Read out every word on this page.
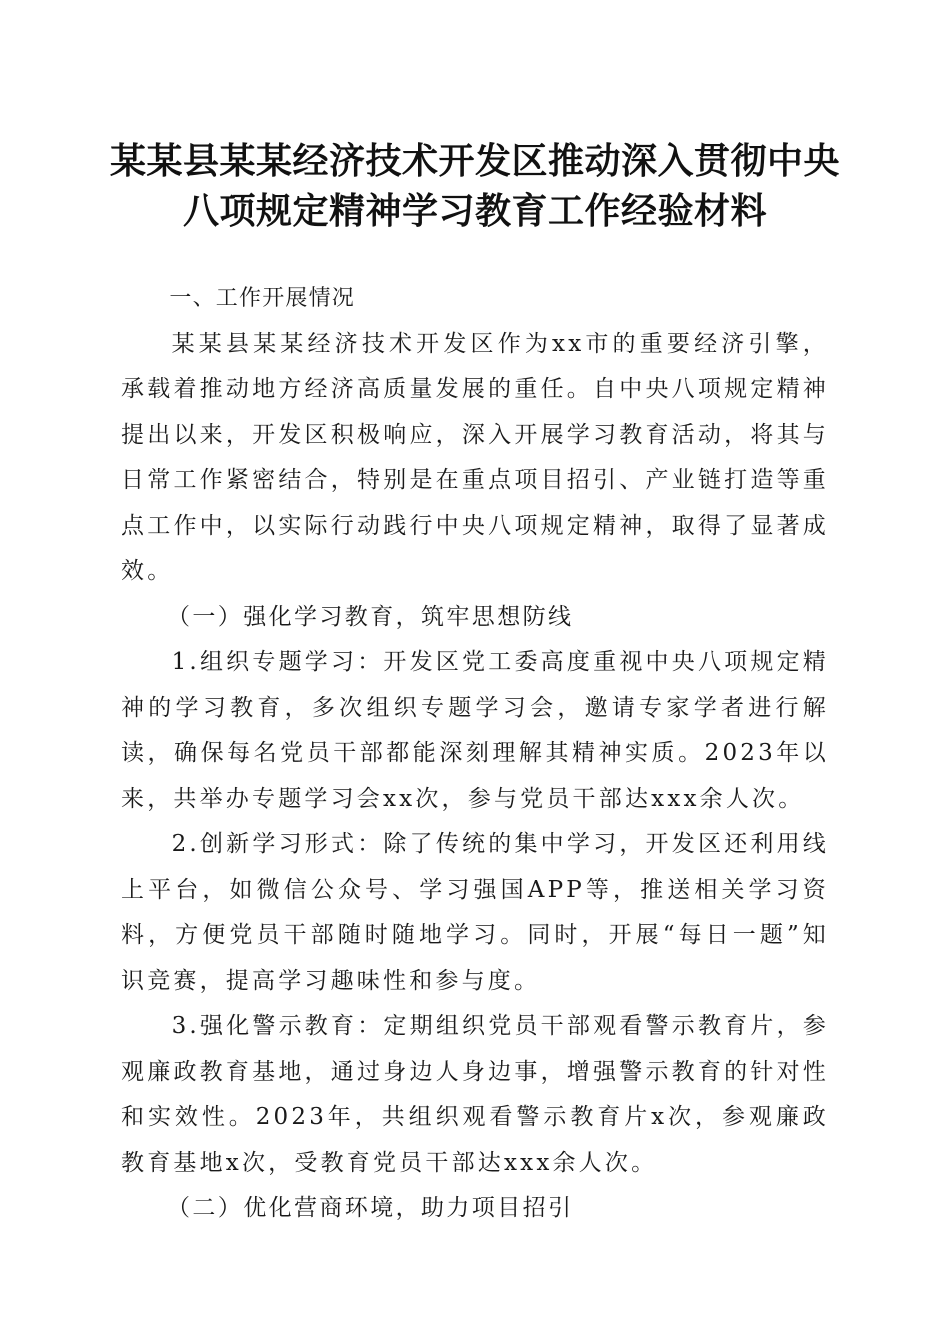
某某县某某经济技术开发区推动深入贯彻中央
八项规定精神学习教育工作经验材料

一、工作开展情况

某某县某某经济技术开发区作为xx市的重要经济引擎，承载着推动地方经济高质量发展的重任。自中央八项规定精神提出以来，开发区积极响应，深入开展学习教育活动，将其与日常工作紧密结合，特别是在重点项目招引、产业链打造等重点工作中，以实际行动践行中央八项规定精神，取得了显著成效。

（一）强化学习教育，筑牢思想防线

1.组织专题学习：开发区党工委高度重视中央八项规定精神的学习教育，多次组织专题学习会，邀请专家学者进行解读，确保每名党员干部都能深刻理解其精神实质。2023年以来，共举办专题学习会xx次，参与党员干部达xxx余人次。

2.创新学习形式：除了传统的集中学习，开发区还利用线上平台，如微信公众号、学习强国APP等，推送相关学习资料，方便党员干部随时随地学习。同时，开展“每日一题”知识竞赛，提高学习趣味性和参与度。

3.强化警示教育：定期组织党员干部观看警示教育片，参观廉政教育基地，通过身边人身边事，增强警示教育的针对性和实效性。2023年，共组织观看警示教育片x次，参观廉政教育基地x次，受教育党员干部达xxx余人次。

（二）优化营商环境，助力项目招引
